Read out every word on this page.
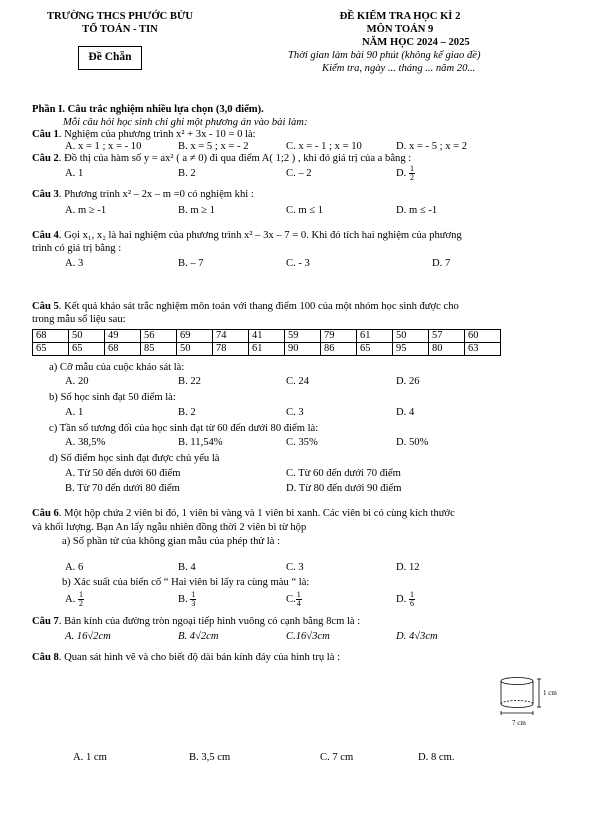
TRƯỜNG THCS PHƯỚC BỬU
TỔ TOÁN - TIN
Đề Chẵn
ĐỀ KIỂM TRA HỌC KÌ 2
MÔN TOÁN 9
NĂM HỌC 2024 – 2025
Thời gian làm bài 90 phút (không kể giao đề)
Kiểm tra, ngày ... tháng ... năm 20...
Phần I. Câu trắc nghiệm nhiều lựa chọn (3,0 điểm).
Mỗi câu hỏi học sinh chỉ ghi một phương án vào bài làm:
Câu 1. Nghiệm của phương trình x² + 3x - 10 = 0 là:
A. x = 1 ; x = - 10	B. x = 5 ; x = - 2	C. x = - 1 ; x = 10	D. x = - 5 ; x = 2
Câu 2. Đồ thị của hàm số y = ax² ( a ≠ 0) đi qua điểm A( 1;2 ) , khi đó giá trị của a bằng :
A. 1	B. 2	C. – 2	D. $\frac{1}{2}$
Câu 3. Phương trình x² – 2x – m =0 có nghiệm khi :
A. m ≥ -1	B. m ≥ 1	C. m ≤ 1	D. m ≤ -1
Câu 4. Gọi x₁, x₂ là hai nghiệm của phương trình x² – 3x – 7 = 0. Khi đó tích hai nghiệm của phương
trình có giá trị bằng :
A. 3	B. – 7	C. - 3	D. 7
Câu 5. Kết quả khảo sát trắc nghiệm môn toán với thang điểm 100 của một nhóm học sinh được cho
trong mẫu số liệu sau:
68	50	49	56	69	74	41	59	79	61	50	57	60
65	65	68	85	50	78	61	90	86	65	95	80	63
a) Cỡ mẫu của cuộc khảo sát là:
A. 20	B. 22	C. 24	D. 26
b) Số học sinh đạt 50 điểm là:
A. 1	B. 2	C. 3	D. 4
c) Tần số tương đối của học sinh đạt từ 60 đến dưới 80 điểm là:
A. 38,5%	B. 11,54%	C. 35%	D. 50%
d) Số điểm học sinh đạt được chủ yếu là
A. Từ 50 đến dưới 60 điểm	C. Từ 60 đến dưới 70 điểm
B. Từ 70 đến dưới 80 điểm	D. Từ 80 đến dưới 90 điểm
Câu 6. Một hộp chứa 2 viên bi đỏ, 1 viên bi vàng và 1 viên bi xanh. Các viên bi có cùng kích thước
và khối lượng. Bạn An lấy ngẫu nhiên đồng thời 2 viên bi từ hộp
a) Số phần tử của không gian mẫu của phép thử là :
A. 6	B. 4	C. 3	D. 12
b) Xác suất của biến cố “ Hai viên bi lấy ra cùng màu “ là:
A. $\frac{1}{2}$	B. $\frac{1}{3}$	C. $\frac{1}{4}$	D. $\frac{1}{6}$
Câu 7. Bán kính của đường tròn ngoại tiếp hình vuông có cạnh bằng 8cm là :
A. 16√2cm	B. 4√2cm	C.16√3cm	D. 4√3cm
Câu 8. Quan sát hình vẽ và cho biết độ dài bán kính đáy của hình trụ là :
1 cm
7 cm
A. 1 cm	B. 3,5 cm	C. 7 cm	D. 8 cm.
